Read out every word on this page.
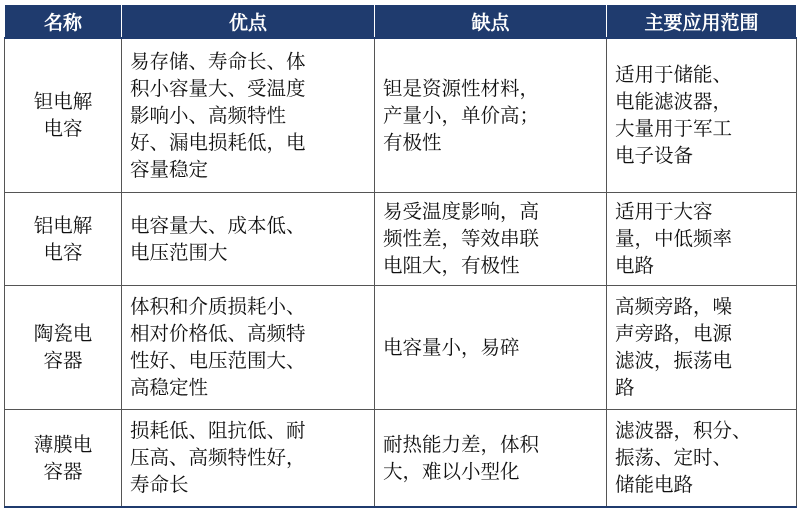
名称	优点	缺点	主要应用范围
钽电解
电容	易存储、寿命长、体
积小容量大、受温度
影响小、高频特性
好、漏电损耗低，电
容量稳定	钽是资源性材料，
产量小，单价高；
有极性	适用于储能、
电能滤波器，
大量用于军工
电子设备
铝电解
电容	电容量大、成本低、
电压范围大	易受温度影响，高
频性差，等效串联
电阻大，有极性	适用于大容
量，中低频率
电路
陶瓷电
容器	体积和介质损耗小、
相对价格低、高频特
性好、电压范围大、
高稳定性	电容量小，易碎	高频旁路，噪
声旁路，电源
滤波，振荡电
路
薄膜电
容器	损耗低、阻抗低、耐
压高、高频特性好，
寿命长	耐热能力差，体积
大，难以小型化	滤波器，积分、
振荡、定时、
储能电路
